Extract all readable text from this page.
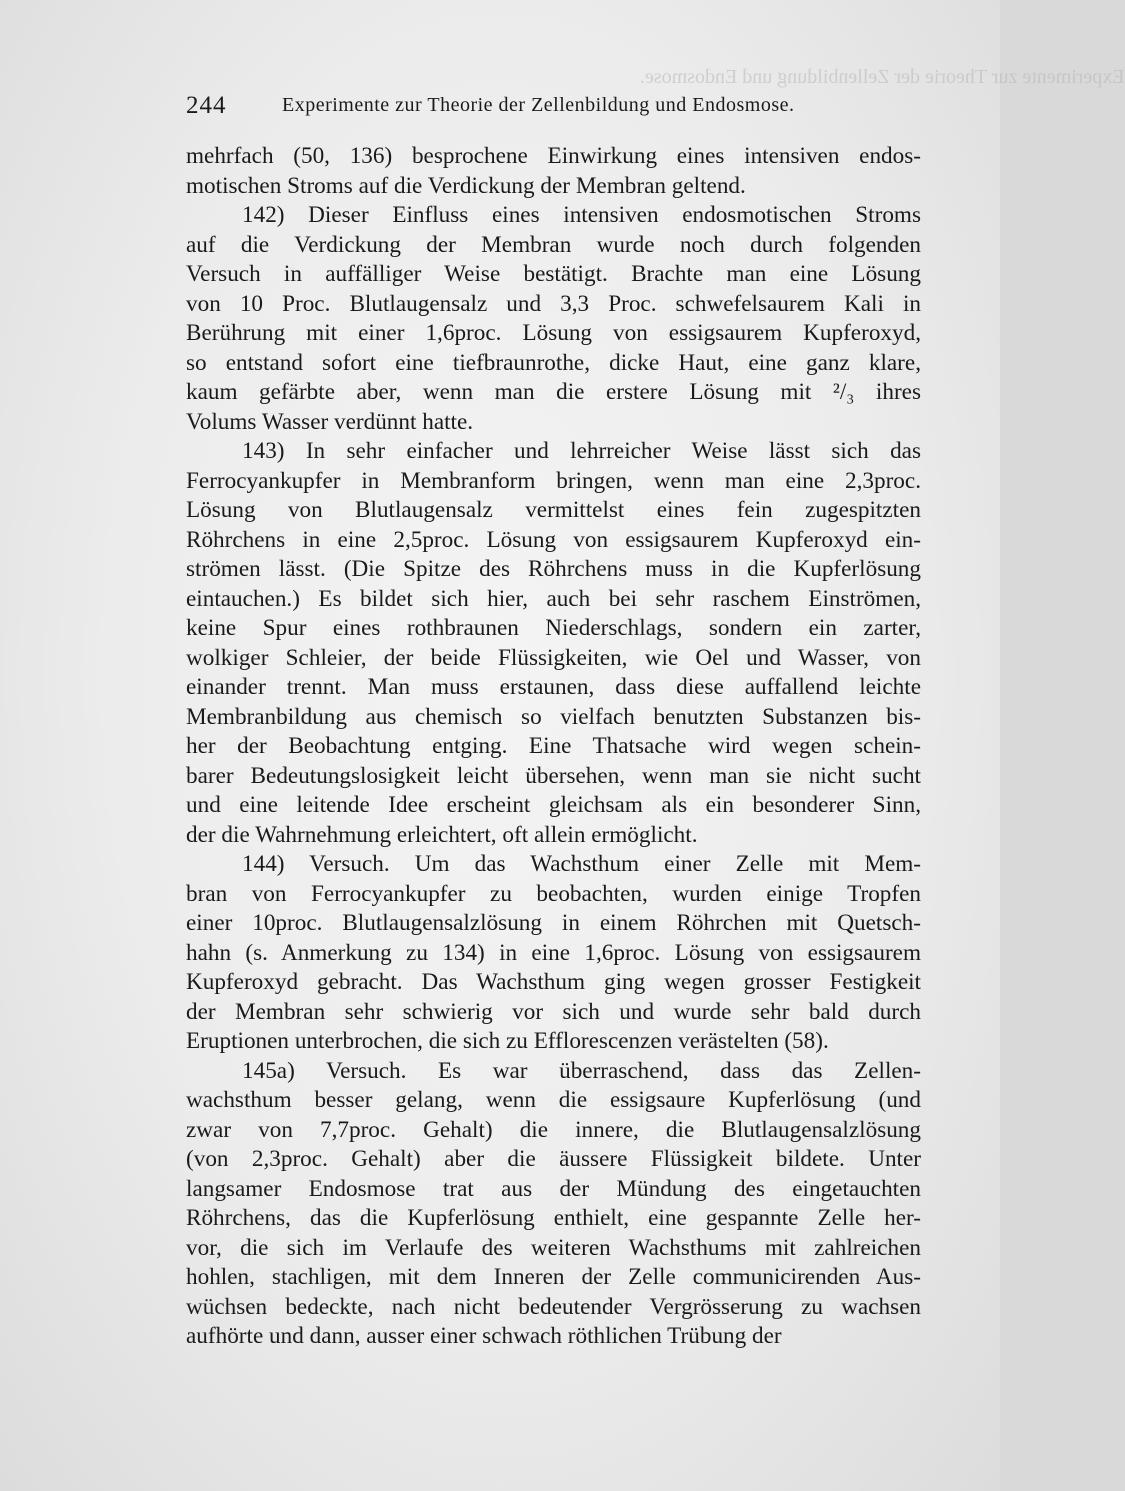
Experimente zur Theorie der Zellenbildung und Endosmose.
244	Experimente zur Theorie der Zellenbildung und Endosmose.
mehrfach (50, 136) besprochene Einwirkung eines intensiven endos-
motischen Stroms auf die Verdickung der Membran geltend.
142) Dieser Einfluss eines intensiven endosmotischen Stroms
auf die Verdickung der Membran wurde noch durch folgenden
Versuch in auffälliger Weise bestätigt. Brachte man eine Lösung
von 10 Proc. Blutlaugensalz und 3,3 Proc. schwefelsaurem Kali in
Berührung mit einer 1,6proc. Lösung von essigsaurem Kupferoxyd,
so entstand sofort eine tiefbraunrothe, dicke Haut, eine ganz klare,
kaum gefärbte aber, wenn man die erstere Lösung mit ²/₃ ihres
Volums Wasser verdünnt hatte.
143) In sehr einfacher und lehrreicher Weise lässt sich das
Ferrocyankupfer in Membranform bringen, wenn man eine 2,3proc.
Lösung von Blutlaugensalz vermittelst eines fein zugespitzten
Röhrchens in eine 2,5proc. Lösung von essigsaurem Kupferoxyd ein-
strömen lässt. (Die Spitze des Röhrchens muss in die Kupferlösung
eintauchen.) Es bildet sich hier, auch bei sehr raschem Einströmen,
keine Spur eines rothbraunen Niederschlags, sondern ein zarter,
wolkiger Schleier, der beide Flüssigkeiten, wie Oel und Wasser, von
einander trennt. Man muss erstaunen, dass diese auffallend leichte
Membranbildung aus chemisch so vielfach benutzten Substanzen bis-
her der Beobachtung entging. Eine Thatsache wird wegen schein-
barer Bedeutungslosigkeit leicht übersehen, wenn man sie nicht sucht
und eine leitende Idee erscheint gleichsam als ein besonderer Sinn,
der die Wahrnehmung erleichtert, oft allein ermöglicht.
144) Versuch. Um das Wachsthum einer Zelle mit Mem-
bran von Ferrocyankupfer zu beobachten, wurden einige Tropfen
einer 10proc. Blutlaugensalzlösung in einem Röhrchen mit Quetsch-
hahn (s. Anmerkung zu 134) in eine 1,6proc. Lösung von essigsaurem
Kupferoxyd gebracht. Das Wachsthum ging wegen grosser Festigkeit
der Membran sehr schwierig vor sich und wurde sehr bald durch
Eruptionen unterbrochen, die sich zu Efflorescenzen verästelten (58).
145a) Versuch. Es war überraschend, dass das Zellen-
wachsthum besser gelang, wenn die essigsaure Kupferlösung (und
zwar von 7,7proc. Gehalt) die innere, die Blutlaugensalzlösung
(von 2,3proc. Gehalt) aber die äussere Flüssigkeit bildete. Unter
langsamer Endosmose trat aus der Mündung des eingetauchten
Röhrchens, das die Kupferlösung enthielt, eine gespannte Zelle her-
vor, die sich im Verlaufe des weiteren Wachsthums mit zahlreichen
hohlen, stachligen, mit dem Inneren der Zelle communicirenden Aus-
wüchsen bedeckte, nach nicht bedeutender Vergrösserung zu wachsen
aufhörte und dann, ausser einer schwach röthlichen Trübung der
